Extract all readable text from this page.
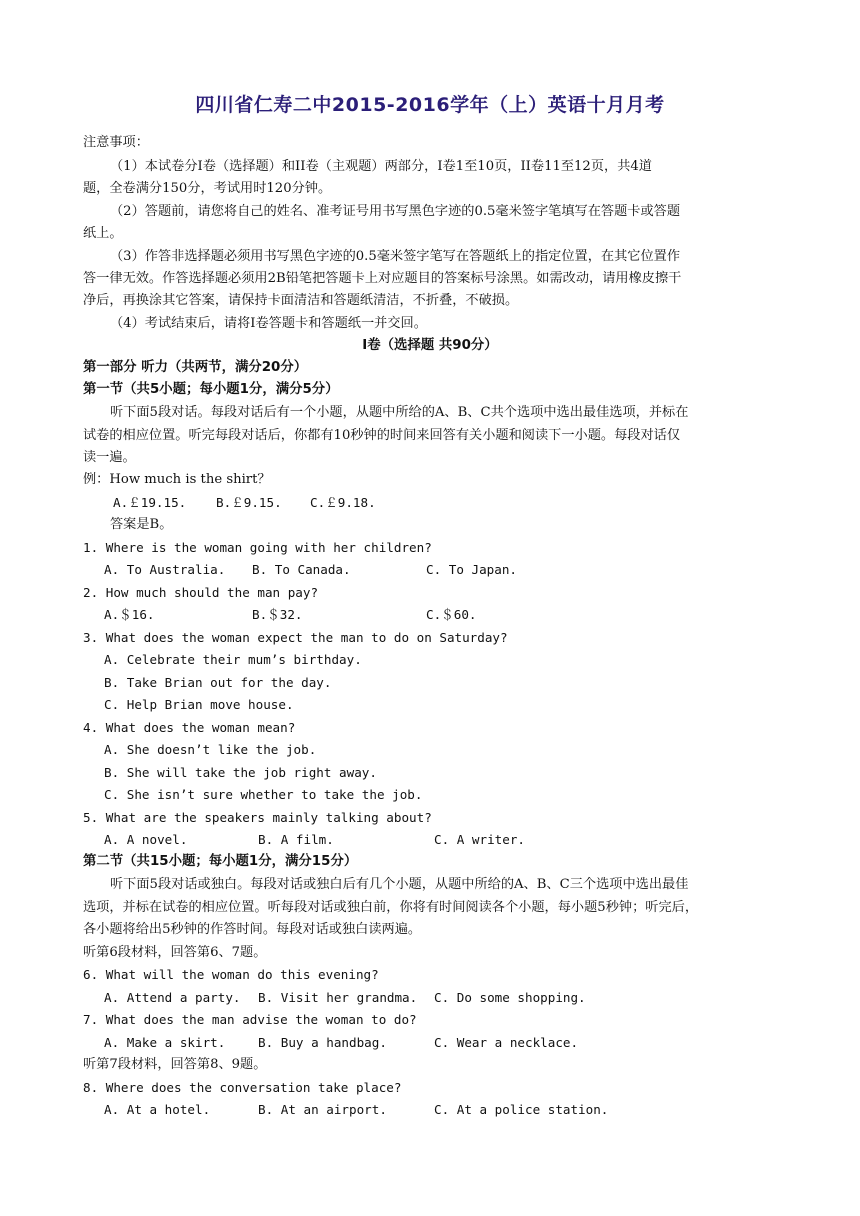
四川省仁寿二中2015-2016学年（上）英语十月月考
注意事项：
（1）本试卷分Ⅰ卷（选择题）和II卷（主观题）两部分，Ⅰ卷1至10页，II卷11至12页，共4道
题，全卷满分150分，考试用时120分钟。
（2）答题前，请您将自己的姓名、准考证号用书写黑色字迹的0.5毫米签字笔填写在答题卡或答题
纸上。
（3）作答非选择题必须用书写黑色字迹的0.5毫米签字笔写在答题纸上的指定位置，在其它位置作
答一律无效。作答选择题必须用2B铅笔把答题卡上对应题目的答案标号涂黑。如需改动，请用橡皮擦干
净后，再换涂其它答案，请保持卡面清洁和答题纸清洁，不折叠，不破损。
（4）考试结束后，请将Ⅰ卷答题卡和答题纸一并交回。
Ⅰ卷（选择题 共90分）
第一部分 听力（共两节，满分20分）
第一节（共5小题；每小题1分，满分5分）
听下面5段对话。每段对话后有一个小题，从题中所给的A、B、C共个选项中选出最佳选项，并标在
试卷的相应位置。听完每段对话后，你都有10秒钟的时间来回答有关小题和阅读下一小题。每段对话仅
读一遍。
例：How much is the shirt？
A.￡19.15. B.￡9.15. C.￡9.18.
答案是B。
1. Where is the woman going with her children?
A. To Australia. B. To Canada.	C. To Japan.
2. How much should the man pay?
A.＄16.	B.＄32.	C.＄60.
3. What does the woman expect the man to do on Saturday?
A. Celebrate their mum’s birthday.
B. Take Brian out for the day.
C. Help Brian move house.
4. What does the woman mean?
A. She doesn’t like the job.
B. She will take the job right away.
C. She isn’t sure whether to take the job.
5. What are the speakers mainly talking about?
A. A novel.	B. A film.	C. A writer.
第二节（共15小题；每小题1分，满分15分）
听下面5段对话或独白。每段对话或独白后有几个小题，从题中所给的A、B、C三个选项中选出最佳
选项，并标在试卷的相应位置。听每段对话或独白前，你将有时间阅读各个小题，每小题5秒钟；听完后，
各小题将给出5秒钟的作答时间。每段对话或独白读两遍。
听第6段材料，回答第6、7题。
6. What will the woman do this evening?
A. Attend a party. B. Visit her grandma. C. Do some shopping.
7. What does the man advise the woman to do?
A. Make a skirt.	B. Buy a handbag.	C. Wear a necklace.
听第7段材料，回答第8、9题。
8. Where does the conversation take place?
A. At a hotel.	B. At an airport.	C. At a police station.
